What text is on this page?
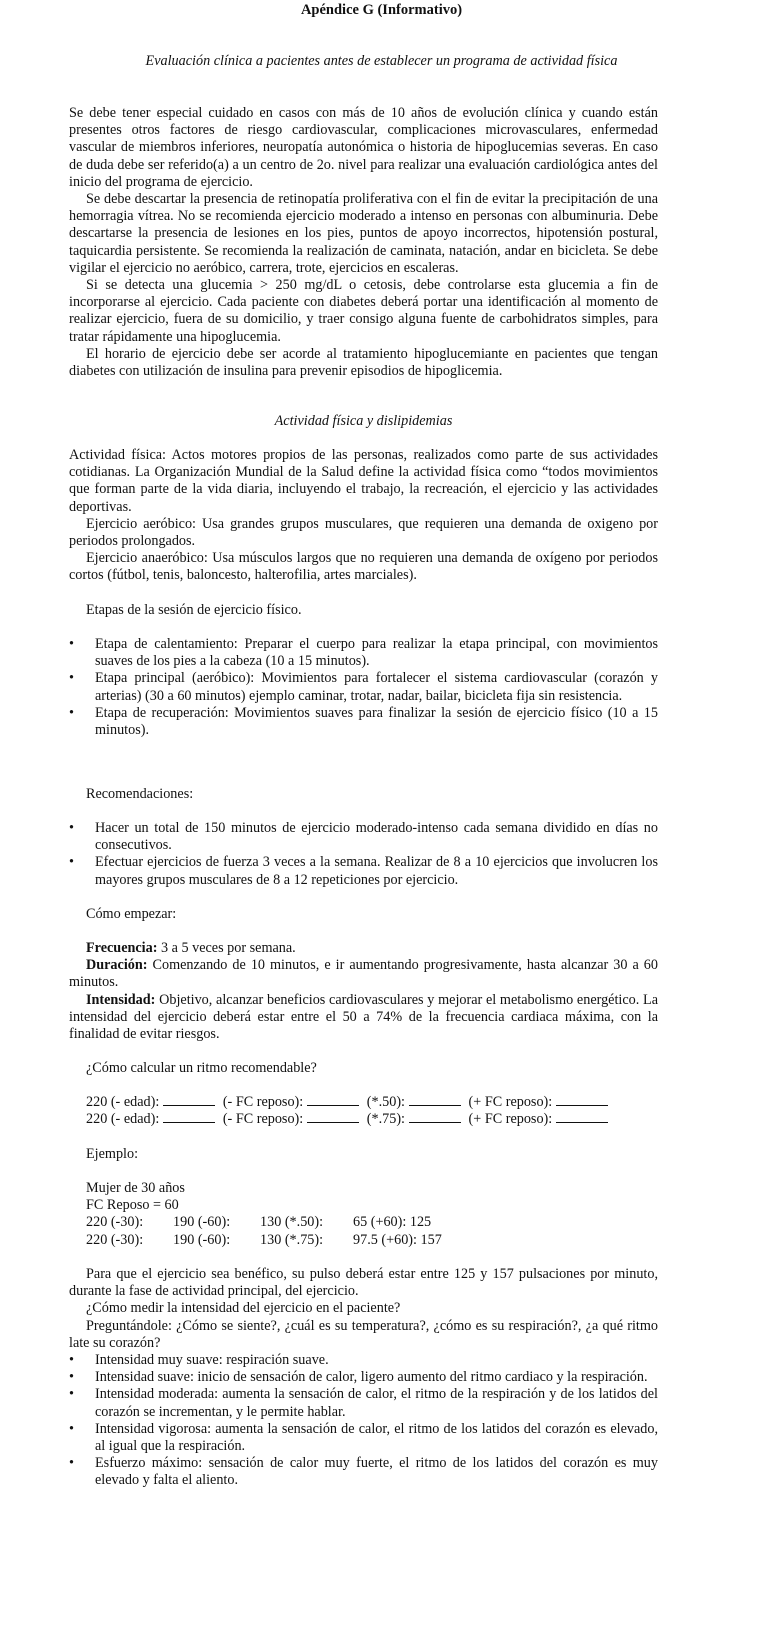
Apéndice G (Informativo)
Evaluación clínica a pacientes antes de establecer un programa de actividad física

Se debe tener especial cuidado en casos con más de 10 años de evolución clínica y cuando están presentes otros factores de riesgo cardiovascular, complicaciones microvasculares, enfermedad vascular de miembros inferiores, neuropatía autonómica o historia de hipoglucemias severas. En caso de duda debe ser referido(a) a un centro de 2o. nivel para realizar una evaluación cardiológica antes del inicio del programa de ejercicio.

Se debe descartar la presencia de retinopatía proliferativa con el fin de evitar la precipitación de una hemorragia vítrea. No se recomienda ejercicio moderado a intenso en personas con albuminuria. Debe descartarse la presencia de lesiones en los pies, puntos de apoyo incorrectos, hipotensión postural, taquicardia persistente. Se recomienda la realización de caminata, natación, andar en bicicleta. Se debe vigilar el ejercicio no aeróbico, carrera, trote, ejercicios en escaleras.

Si se detecta una glucemia > 250 mg/dL o cetosis, debe controlarse esta glucemia a fin de incorporarse al ejercicio. Cada paciente con diabetes deberá portar una identificación al momento de realizar ejercicio, fuera de su domicilio, y traer consigo alguna fuente de carbohidratos simples, para tratar rápidamente una hipoglucemia.

El horario de ejercicio debe ser acorde al tratamiento hipoglucemiante en pacientes que tengan diabetes con utilización de insulina para prevenir episodios de hipoglicemia.

Actividad física y dislipidemias

Actividad física: Actos motores propios de las personas, realizados como parte de sus actividades cotidianas. La Organización Mundial de la Salud define la actividad física como “todos movimientos que forman parte de la vida diaria, incluyendo el trabajo, la recreación, el ejercicio y las actividades deportivas.

Ejercicio aeróbico: Usa grandes grupos musculares, que requieren una demanda de oxigeno por periodos prolongados.

Ejercicio anaeróbico: Usa músculos largos que no requieren una demanda de oxígeno por periodos cortos (fútbol, tenis, baloncesto, halterofilia, artes marciales).

Etapas de la sesión de ejercicio físico.
• Etapa de calentamiento: Preparar el cuerpo para realizar la etapa principal, con movimientos suaves de los pies a la cabeza (10 a 15 minutos).
• Etapa principal (aeróbico): Movimientos para fortalecer el sistema cardiovascular (corazón y arterias) (30 a 60 minutos) ejemplo caminar, trotar, nadar, bailar, bicicleta fija sin resistencia.
• Etapa de recuperación: Movimientos suaves para finalizar la sesión de ejercicio físico (10 a 15 minutos).
Recomendaciones:
• Hacer un total de 150 minutos de ejercicio moderado-intenso cada semana dividido en días no consecutivos.
• Efectuar ejercicios de fuerza 3 veces a la semana. Realizar de 8 a 10 ejercicios que involucren los mayores grupos musculares de 8 a 12 repeticiones por ejercicio.
Cómo empezar:

Frecuencia: 3 a 5 veces por semana.

Duración: Comenzando de 10 minutos, e ir aumentando progresivamente, hasta alcanzar 30 a 60 minutos.

Intensidad: Objetivo, alcanzar beneficios cardiovasculares y mejorar el metabolismo energético. La intensidad del ejercicio deberá estar entre el 50 a 74% de la frecuencia cardiaca máxima, con la finalidad de evitar riesgos.

¿Cómo calcular un ritmo recomendable?
220 (- edad):	(- FC reposo):	(*.50):	(+ FC reposo):
220 (- edad):	(- FC reposo):	(*.75):	(+ FC reposo):
Ejemplo:
Mujer de 30 años
FC Reposo = 60
220 (-30): 190 (-60): 130 (*.50): 65 (+60): 125
220 (-30): 190 (-60): 130 (*.75): 97.5 (+60): 157

Para que el ejercicio sea benéfico, su pulso deberá estar entre 125 y 157 pulsaciones por minuto, durante la fase de actividad principal, del ejercicio.

¿Cómo medir la intensidad del ejercicio en el paciente?

Preguntándole: ¿Cómo se siente?, ¿cuál es su temperatura?, ¿cómo es su respiración?, ¿a qué ritmo late su corazón?

• Intensidad muy suave: respiración suave.
• Intensidad suave: inicio de sensación de calor, ligero aumento del ritmo cardiaco y la respiración.
• Intensidad moderada: aumenta la sensación de calor, el ritmo de la respiración y de los latidos del corazón se incrementan, y le permite hablar.
• Intensidad vigorosa: aumenta la sensación de calor, el ritmo de los latidos del corazón es elevado, al igual que la respiración.
• Esfuerzo máximo: sensación de calor muy fuerte, el ritmo de los latidos del corazón es muy elevado y falta el aliento.
